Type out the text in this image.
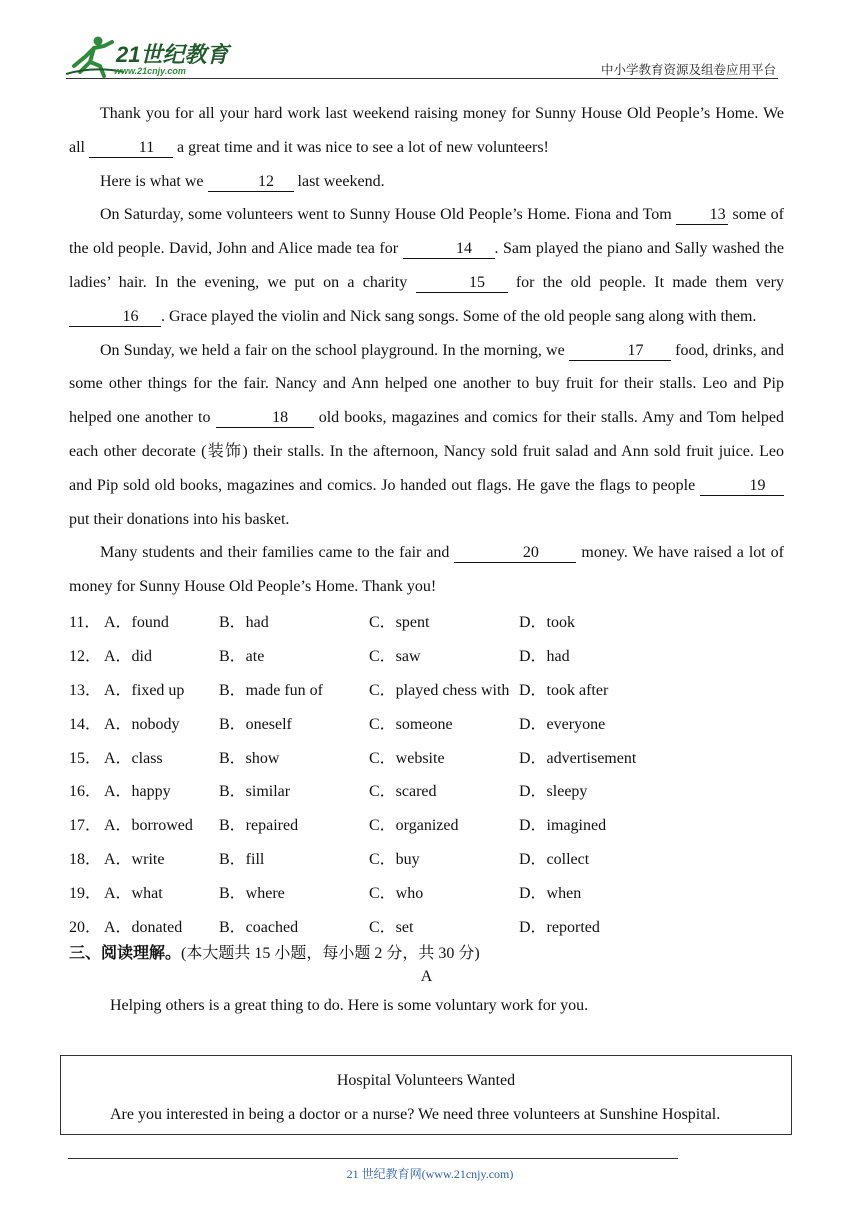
21世纪教育
www.21cnjy.com	中小学教育资源及组卷应用平台

Thank you for all your hard work last weekend raising money for Sunny House Old People’s Home. We all	11 a great time and it was nice to see a lot of new volunteers!

Here is what we	12 last weekend.

On Saturday, some volunteers went to Sunny House Old People’s Home. Fiona and Tom 13 some of the old people. David, John and Alice made tea for	14 . Sam played the piano and Sally washed the ladies’ hair. In the evening, we put on a charity	15 for the old people. It made them very 16 . Grace played the violin and Nick sang songs. Some of the old people sang along with them.

On Sunday, we held a fair on the school playground. In the morning, we	17 food, drinks, and some other things for the fair. Nancy and Ann helped one another to buy fruit for their stalls. Leo and Pip helped one another to	18 old books, magazines and comics for their stalls. Amy and Tom helped each other decorate (装饰) their stalls. In the afternoon, Nancy sold fruit salad and Ann sold fruit juice. Leo and Pip sold old books, magazines and comics. Jo handed out flags. He gave the flags to people	19 put their donations into his basket.

Many students and their families came to the fair and	20 money. We have raised a lot of money for Sunny House Old People’s Home. Thank you!

11．	A．found	B．had	C．spent	D．took
12．	A．did	B．ate	C．saw	D．had
13．	A．fixed up	B．made fun of	C．played chess with	D．took after
14．	A．nobody	B．oneself	C．someone	D．everyone
15．	A．class	B．show	C．website	D．advertisement
16．	A．happy	B．similar	C．scared	D．sleepy
17．	A．borrowed	B．repaired	C．organized	D．imagined
18．	A．write	B．fill	C．buy	D．collect
19．	A．what	B．where	C．who	D．when
20．	A．donated	B．coached	C．set	D．reported
三、阅读理解。(本大题共 15 小题，每小题 2 分，共 30 分)
A

Helping others is a great thing to do. Here is some voluntary work for you.

Hospital Volunteers Wanted
Are you interested in being a doctor or a nurse? We need three volunteers at Sunshine Hospital.
21 世纪教育网(www.21cnjy.com)
